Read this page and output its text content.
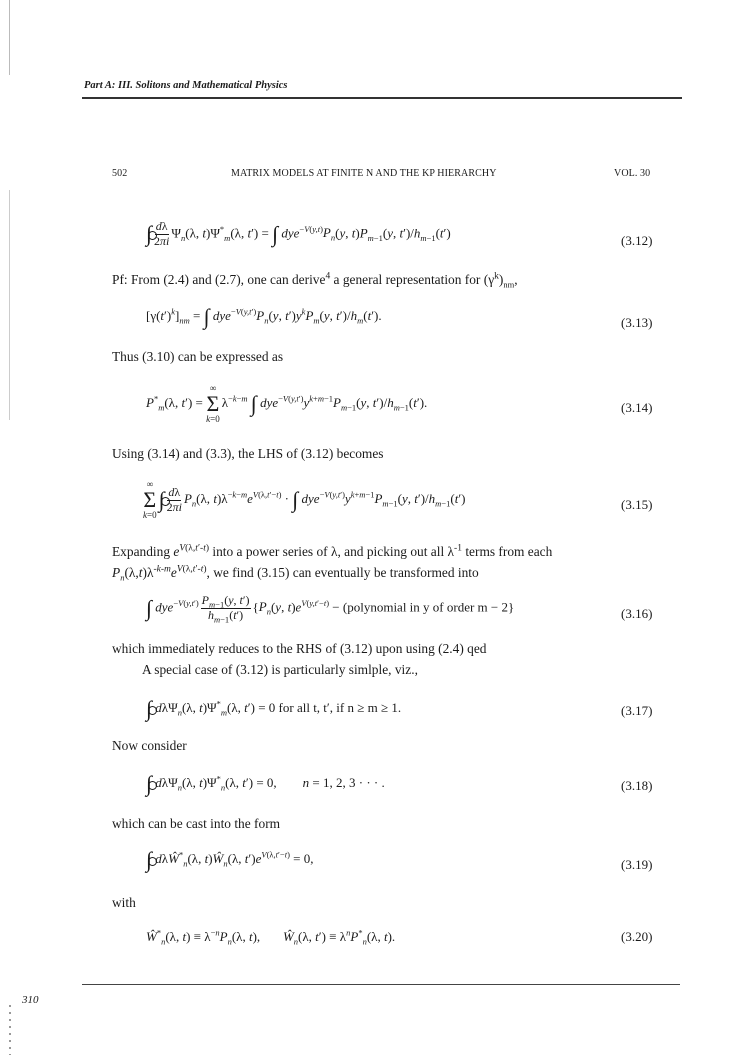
Part A: III. Solitons and Mathematical Physics
502	MATRIX MODELS AT FINITE N AND THE KP HIERARCHY	VOL. 30
∫ $\frac{d\lambda}{2\pi i} \Psi_n(\lambda$, $t)\Psi^*_m(\lambda$, t′) = ∫ $dye^{-V(y,t)}P_n(y$, $t)P_{m-1}(y$, $t')/h_{m-1}(t')$
(3.12)
Pf: From (2.4) and (2.7), one can derive$^4$ a general representation for $(\gamma^k)_{nm}$,
$[\gamma(t')^k]_{nm}$ = ∫ $dye^{-V(y,t')}P_n(y$, $t')y^kP_m(y$, $t')/h_m(t')$.	(3.13)
Thus (3.10) can be expressed as
$P^*_m(\lambda$, t′) =
∞
Σ
k=0
$\lambda^{-k-m}$ ∫ $dye^{-V(y,t')}y^{k+m-1}P_{m-1}(y$, $t')/h_{m-1}(t')$.	(3.14)
Using (3.14) and (3.3), the LHS of (3.12) becomes
∞
Σ
k=0
∫ $\frac{d\lambda}{2\pi i} P_n(\lambda$, $t)\lambda^{-k-m}e^{V(\lambda,t'-t)}$ · ∫ $dye^{-V(y,t')}y^{k+m-1}P_{m-1}(y$, $t')/h_{m-1}(t')$	(3.15)
Expanding $e^{V(\lambda,t'-t)}$ into a power series of λ, and picking out all $\lambda^{-1}$ terms from each
$P_n(\lambda,t)\lambda^{-k-m}e^{V(\lambda,t'-t)}$, we find (3.15) can eventually be transformed into
∫ $dye^{-V(y,t')} \frac{P_{m-1}(y, t')}{h_{m-1}(t')} \{P_n(y$, $t)e^{V(y,t'-t)}$ − (polynomial in y of order m − 2}	(3.16)
which immediately reduces to the RHS of (3.12) upon using (2.4) qed
A special case of (3.12) is particularly simlple, viz.,
∫ dλΨ$_n$(λ, $t)\Psi^*_m(\lambda$, t′) = 0 for all t, t′, if n ≥ m ≥ 1.	(3.17)
Now consider
∫ dλΨ$_n$(λ, $t)\Psi^*_n(\lambda$, t′) = 0,        n = 1, 2, 3 · · · .	(3.18)
which can be cast into the form
∫ dλŴ*$_n$(λ, $t)Ŵ_n(\lambda$, $t')e^{V(\lambda,t'-t)} = 0$,	(3.19)
with
$Ŵ^*_n(\lambda$, $t) \equiv \lambda^{-n}P_n(\lambda$, t),       $Ŵ_n(\lambda$, $t') \equiv \lambda^nP^*_n(\lambda$, t).	(3.20)
310
